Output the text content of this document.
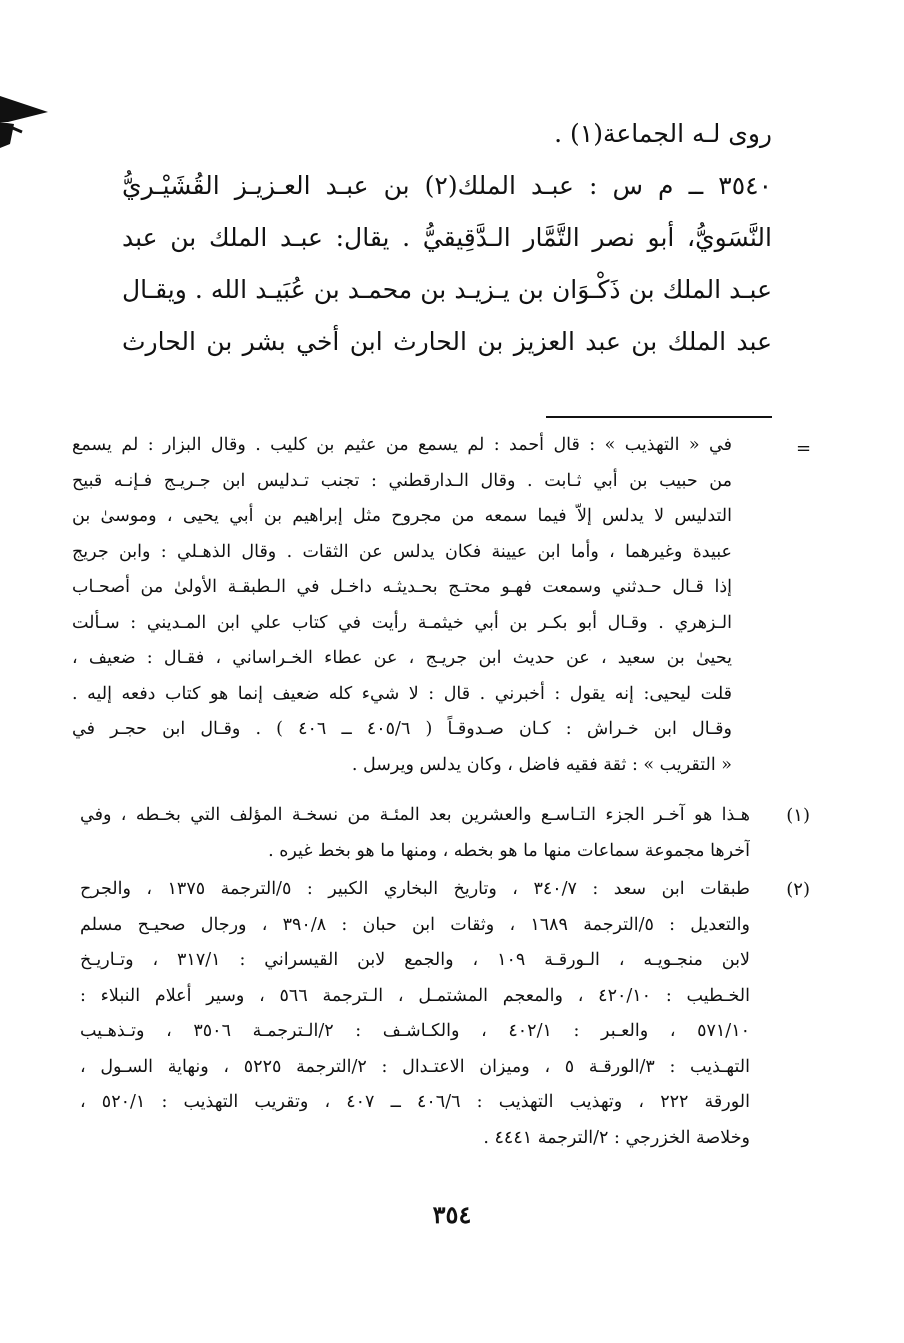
روى لـه الجماعة(١) .
٣٥٤٠ ــ م س : عبـد الملك(٢) بن عبـد العـزيـز القُشَيْـريُّ
النَّسَويُّ، أبو نصر التَّمَّار الـدَّقِيقيُّ . يقال: عبـد الملك بن عبد
عبـد الملك بن ذَكْـوَان بن يـزيـد بن محمـد بن عُبَيـد الله . ويقـال
عبد الملك بن عبد العزيز بن الحارث ابن أخي بشر بن الحارث
=
في « التهذيب » : قال أحمد : لم يسمع من عثيم بن كليب . وقال البزار : لم يسمع
من حبيب بن أبي ثـابت . وقال الـدارقطني : تجنب تـدليس ابن جـريـج فـإنـه قبيح
التدليس لا يدلس إلاّ فيما سمعه من مجروح مثل إبراهيم بن أبي يحيى ، وموسىٰ بن
عبيدة وغيرهما ، وأما ابن عيينة فكان يدلس عن الثقات . وقال الذهـلي : وابن جريج
إذا قـال حـدثني وسمعت فهـو محتـج بحـديثـه داخـل في الـطبقـة الأولىٰ من أصحـاب
الـزهري . وقـال أبو بكـر بن أبي خيثمـة رأيت في كتاب علي ابن المـديني : سـألت
يحيىٰ بن سعيد ، عن حديث ابن جريـج ، عن عطاء الخـراساني ، فقـال : ضعيف ،
قلت ليحيى: إنه يقول : أخبرني . قال : لا شيء كله ضعيف إنما هو كتاب دفعه إليه .
وقـال ابن خـراش : كـان صـدوقـاً ( ٤٠٥/٦ ــ ٤٠٦ ) . وقـال ابن حجـر في
« التقريب » : ثقة فقيه فاضل ، وكان يدلس ويرسل .
(١)
هـذا هو آخـر الجزء التـاسـع والعشرين بعد المئـة من نسخـة المؤلف التي بخـطه ، وفي
آخرها مجموعة سماعات منها ما هو بخطه ، ومنها ما هو بخط غيره .
(٢)
طبقات ابن سعد : ٣٤٠/٧ ، وتاريخ البخاري الكبير : ٥/الترجمة ١٣٧٥ ، والجرح
والتعديل : ٥/الترجمة ١٦٨٩ ، وثقات ابن حبان : ٣٩٠/٨ ، ورجال صحيـح مسلم
لابن منجـويـه ، الـورقـة ١٠٩ ، والجمع لابن القيسراني : ٣١٧/١ ، وتـاريـخ
الخـطيب : ٤٢٠/١٠ ، والمعجم المشتمـل ، الـترجمة ٥٦٦ ، وسير أعلام النبلاء :
٥٧١/١٠ ، والعـبر : ٤٠٢/١ ، والكـاشـف : ٢/الـترجمـة ٣٥٠٦ ، وتـذهـيب
التهـذيب : ٣/الورقـة ٥ ، وميزان الاعتـدال : ٢/الترجمة ٥٢٢٥ ، ونهاية السـول ،
الورقة ٢٢٢ ، وتهذيب التهذيب : ٤٠٦/٦ ــ ٤٠٧ ، وتقريب التهذيب : ٥٢٠/١ ،
وخلاصة الخزرجي : ٢/الترجمة ٤٤٤١ .
٣٥٤
